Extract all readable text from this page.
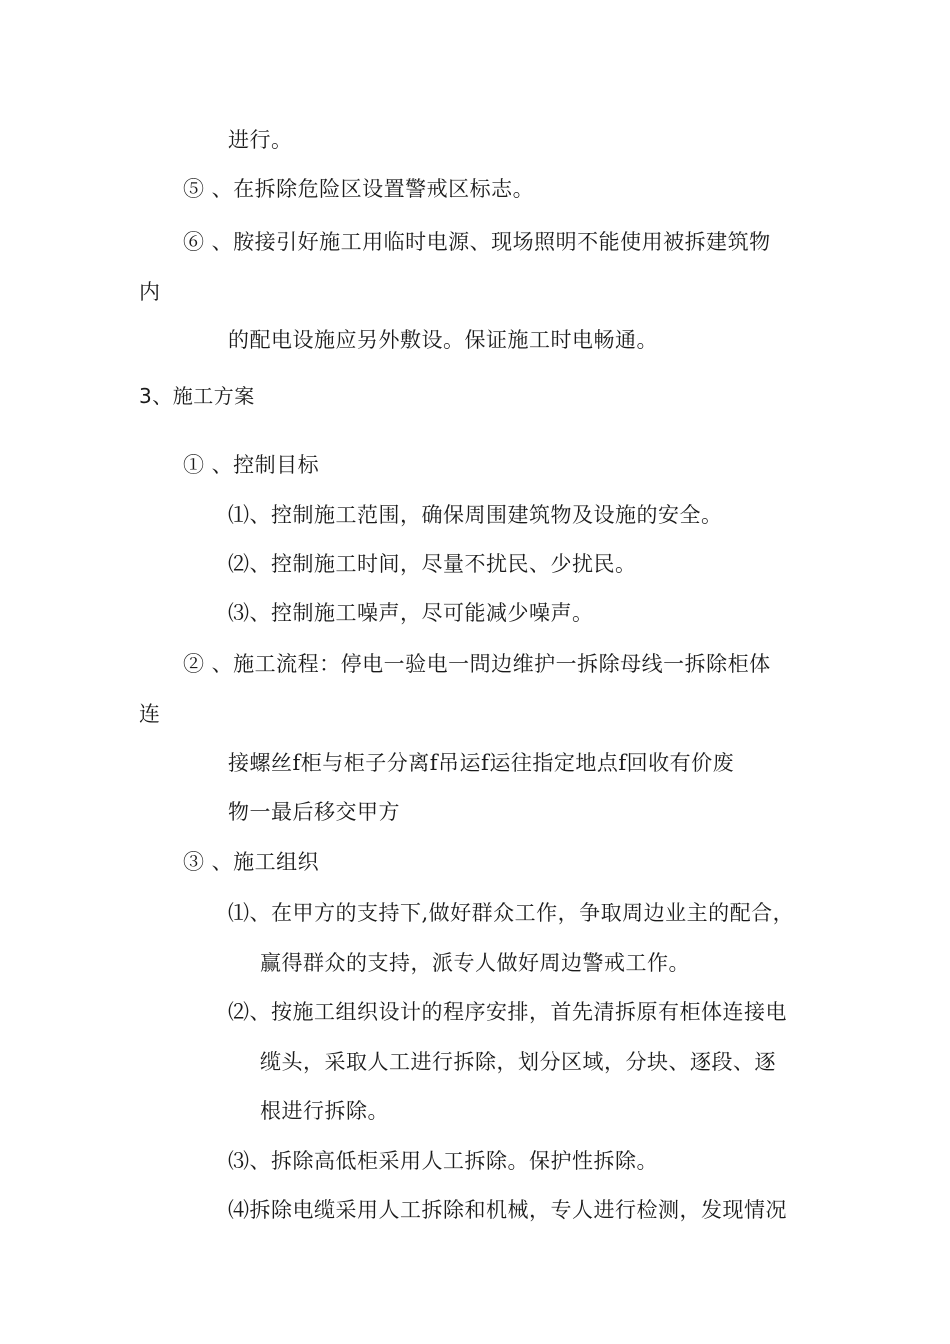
进行。
⑤ 、在拆除危险区设置警戒区标志。
⑥ 、胺接引好施工用临时电源、现场照明不能使用被拆建筑物
内
的配电设施应另外敷设。保证施工时电畅通。
3、施工方案
① 、控制目标
⑴、控制施工范围，确保周围建筑物及设施的安全。
⑵、控制施工时间，尽量不扰民、少扰民。
⑶、控制施工噪声，尽可能减少噪声。
② 、施工流程：停电一验电一問边维护一拆除母线一拆除柜体
连
接螺丝f柜与柜子分离f吊运f运往指定地点f回收有价废
物一最后移交甲方
③ 、施工组织
⑴、在甲方的支持下,做好群众工作，争取周边业主的配合，
赢得群众的支持，派专人做好周边警戒工作。
⑵、按施工组织设计的程序安排，首先清拆原有柜体连接电
缆头，采取人工进行拆除，划分区域，分块、逐段、逐
根进行拆除。
⑶、拆除高低柜采用人工拆除。保护性拆除。
⑷拆除电缆采用人工拆除和机械，专人进行检测，发现情况
